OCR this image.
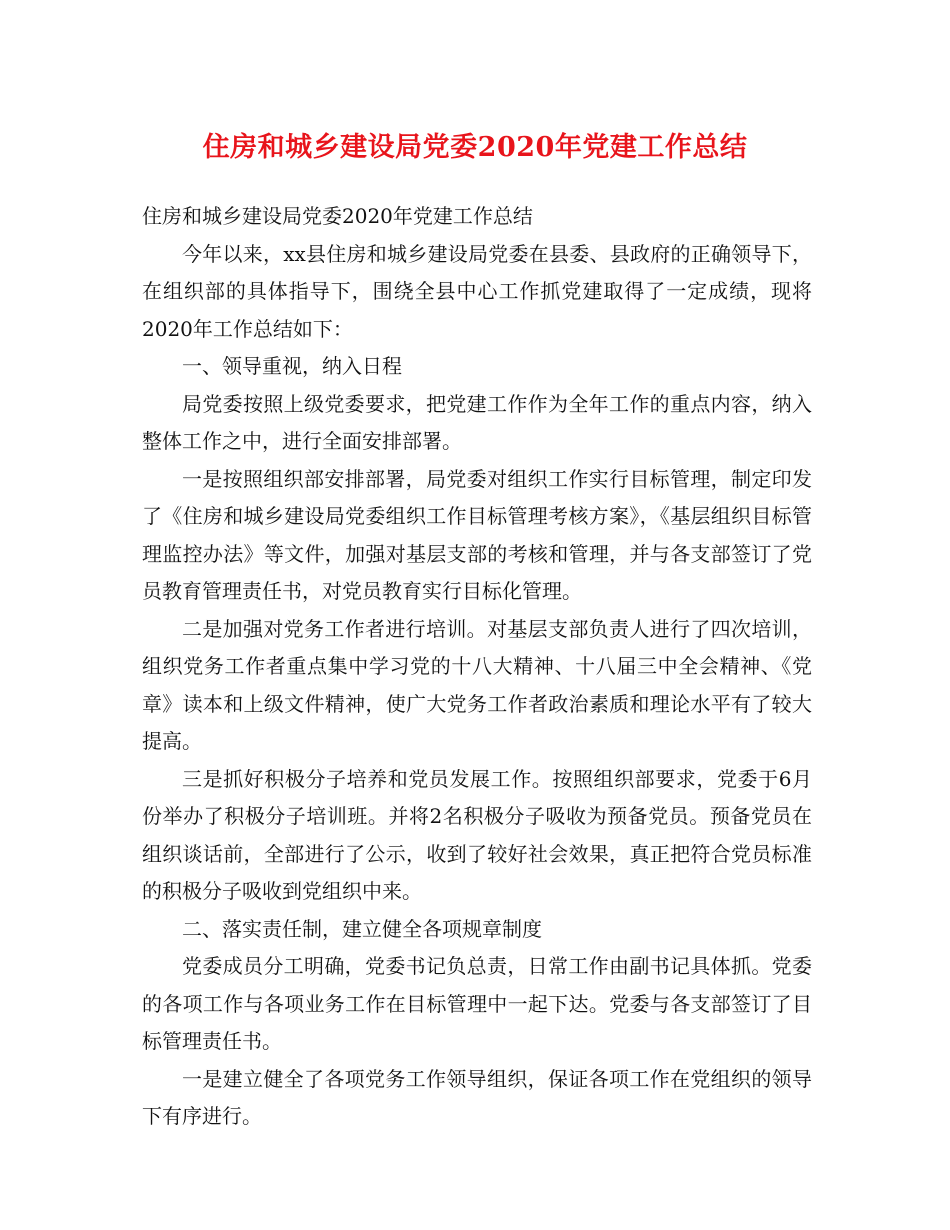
住房和城乡建设局党委2020年党建工作总结

住房和城乡建设局党委2020年党建工作总结

今年以来，xx县住房和城乡建设局党委在县委、县政府的正确领导下，在组织部的具体指导下，围绕全县中心工作抓党建取得了一定成绩，现将2020年工作总结如下：

一、领导重视，纳入日程

局党委按照上级党委要求，把党建工作作为全年工作的重点内容，纳入整体工作之中，进行全面安排部署。

一是按照组织部安排部署，局党委对组织工作实行目标管理，制定印发了《住房和城乡建设局党委组织工作目标管理考核方案》，《基层组织目标管理监控办法》等文件，加强对基层支部的考核和管理，并与各支部签订了党员教育管理责任书，对党员教育实行目标化管理。

二是加强对党务工作者进行培训。对基层支部负责人进行了四次培训，组织党务工作者重点集中学习党的十八大精神、十八届三中全会精神、《党章》读本和上级文件精神，使广大党务工作者政治素质和理论水平有了较大提高。

三是抓好积极分子培养和党员发展工作。按照组织部要求，党委于6月份举办了积极分子培训班。并将2名积极分子吸收为预备党员。预备党员在组织谈话前，全部进行了公示，收到了较好社会效果，真正把符合党员标准的积极分子吸收到党组织中来。

二、落实责任制，建立健全各项规章制度

党委成员分工明确，党委书记负总责，日常工作由副书记具体抓。党委的各项工作与各项业务工作在目标管理中一起下达。党委与各支部签订了目标管理责任书。

一是建立健全了各项党务工作领导组织，保证各项工作在党组织的领导下有序进行。
